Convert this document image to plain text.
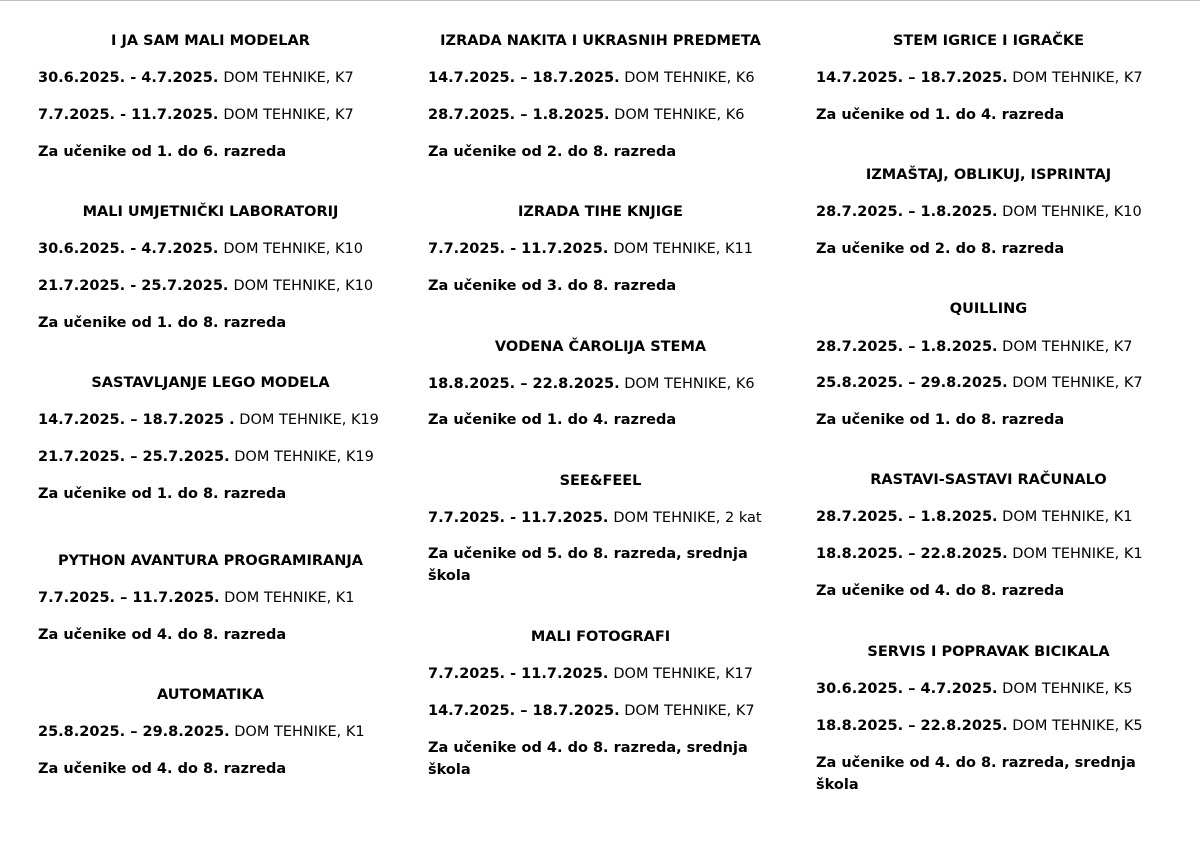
I JA SAM MALI MODELAR
30.6.2025. - 4.7.2025. DOM TEHNIKE, K7
7.7.2025. - 11.7.2025. DOM TEHNIKE, K7
Za učenike od 1. do 6. razreda
MALI UMJETNIČKI LABORATORIJ
30.6.2025. - 4.7.2025. DOM TEHNIKE, K10
21.7.2025. - 25.7.2025. DOM TEHNIKE, K10
Za učenike od 1. do 8. razreda
SASTAVLJANJE LEGO MODELA
14.7.2025. – 18.7.2025 . DOM TEHNIKE, K19
21.7.2025. – 25.7.2025. DOM TEHNIKE, K19
Za učenike od 1. do 8. razreda
PYTHON AVANTURA PROGRAMIRANJA
7.7.2025. – 11.7.2025. DOM TEHNIKE, K1
Za učenike od 4. do 8. razreda
AUTOMATIKA
25.8.2025. – 29.8.2025. DOM TEHNIKE, K1
Za učenike od 4. do 8. razreda
IZRADA NAKITA I UKRASNIH PREDMETA
14.7.2025. – 18.7.2025. DOM TEHNIKE, K6
28.7.2025. – 1.8.2025. DOM TEHNIKE, K6
Za učenike od 2. do 8. razreda
IZRADA TIHE KNJIGE
7.7.2025. - 11.7.2025. DOM TEHNIKE, K11
Za učenike od 3. do 8. razreda
VODENA ČAROLIJA STEMA
18.8.2025. – 22.8.2025. DOM TEHNIKE, K6
Za učenike od 1. do 4. razreda
SEE&FEEL
7.7.2025. - 11.7.2025. DOM TEHNIKE, 2 kat
Za učenike od 5. do 8. razreda, srednja škola
MALI FOTOGRAFI
7.7.2025. - 11.7.2025. DOM TEHNIKE, K17
14.7.2025. – 18.7.2025. DOM TEHNIKE, K7
Za učenike od 4. do 8. razreda, srednja škola
STEM IGRICE I IGRAČKE
14.7.2025. – 18.7.2025. DOM TEHNIKE, K7
Za učenike od 1. do 4. razreda
IZMAŠTAJ, OBLIKUJ, ISPRINTAJ
28.7.2025. – 1.8.2025. DOM TEHNIKE, K10
Za učenike od 2. do 8. razreda
QUILLING
28.7.2025. – 1.8.2025. DOM TEHNIKE, K7
25.8.2025. – 29.8.2025. DOM TEHNIKE, K7
Za učenike od 1. do 8. razreda
RASTAVI-SASTAVI RAČUNALO
28.7.2025. – 1.8.2025. DOM TEHNIKE, K1
18.8.2025. – 22.8.2025. DOM TEHNIKE, K1
Za učenike od 4. do 8. razreda
SERVIS I POPRAVAK BICIKALA
30.6.2025. – 4.7.2025. DOM TEHNIKE, K5
18.8.2025. – 22.8.2025. DOM TEHNIKE, K5
Za učenike od 4. do 8. razreda, srednja škola
